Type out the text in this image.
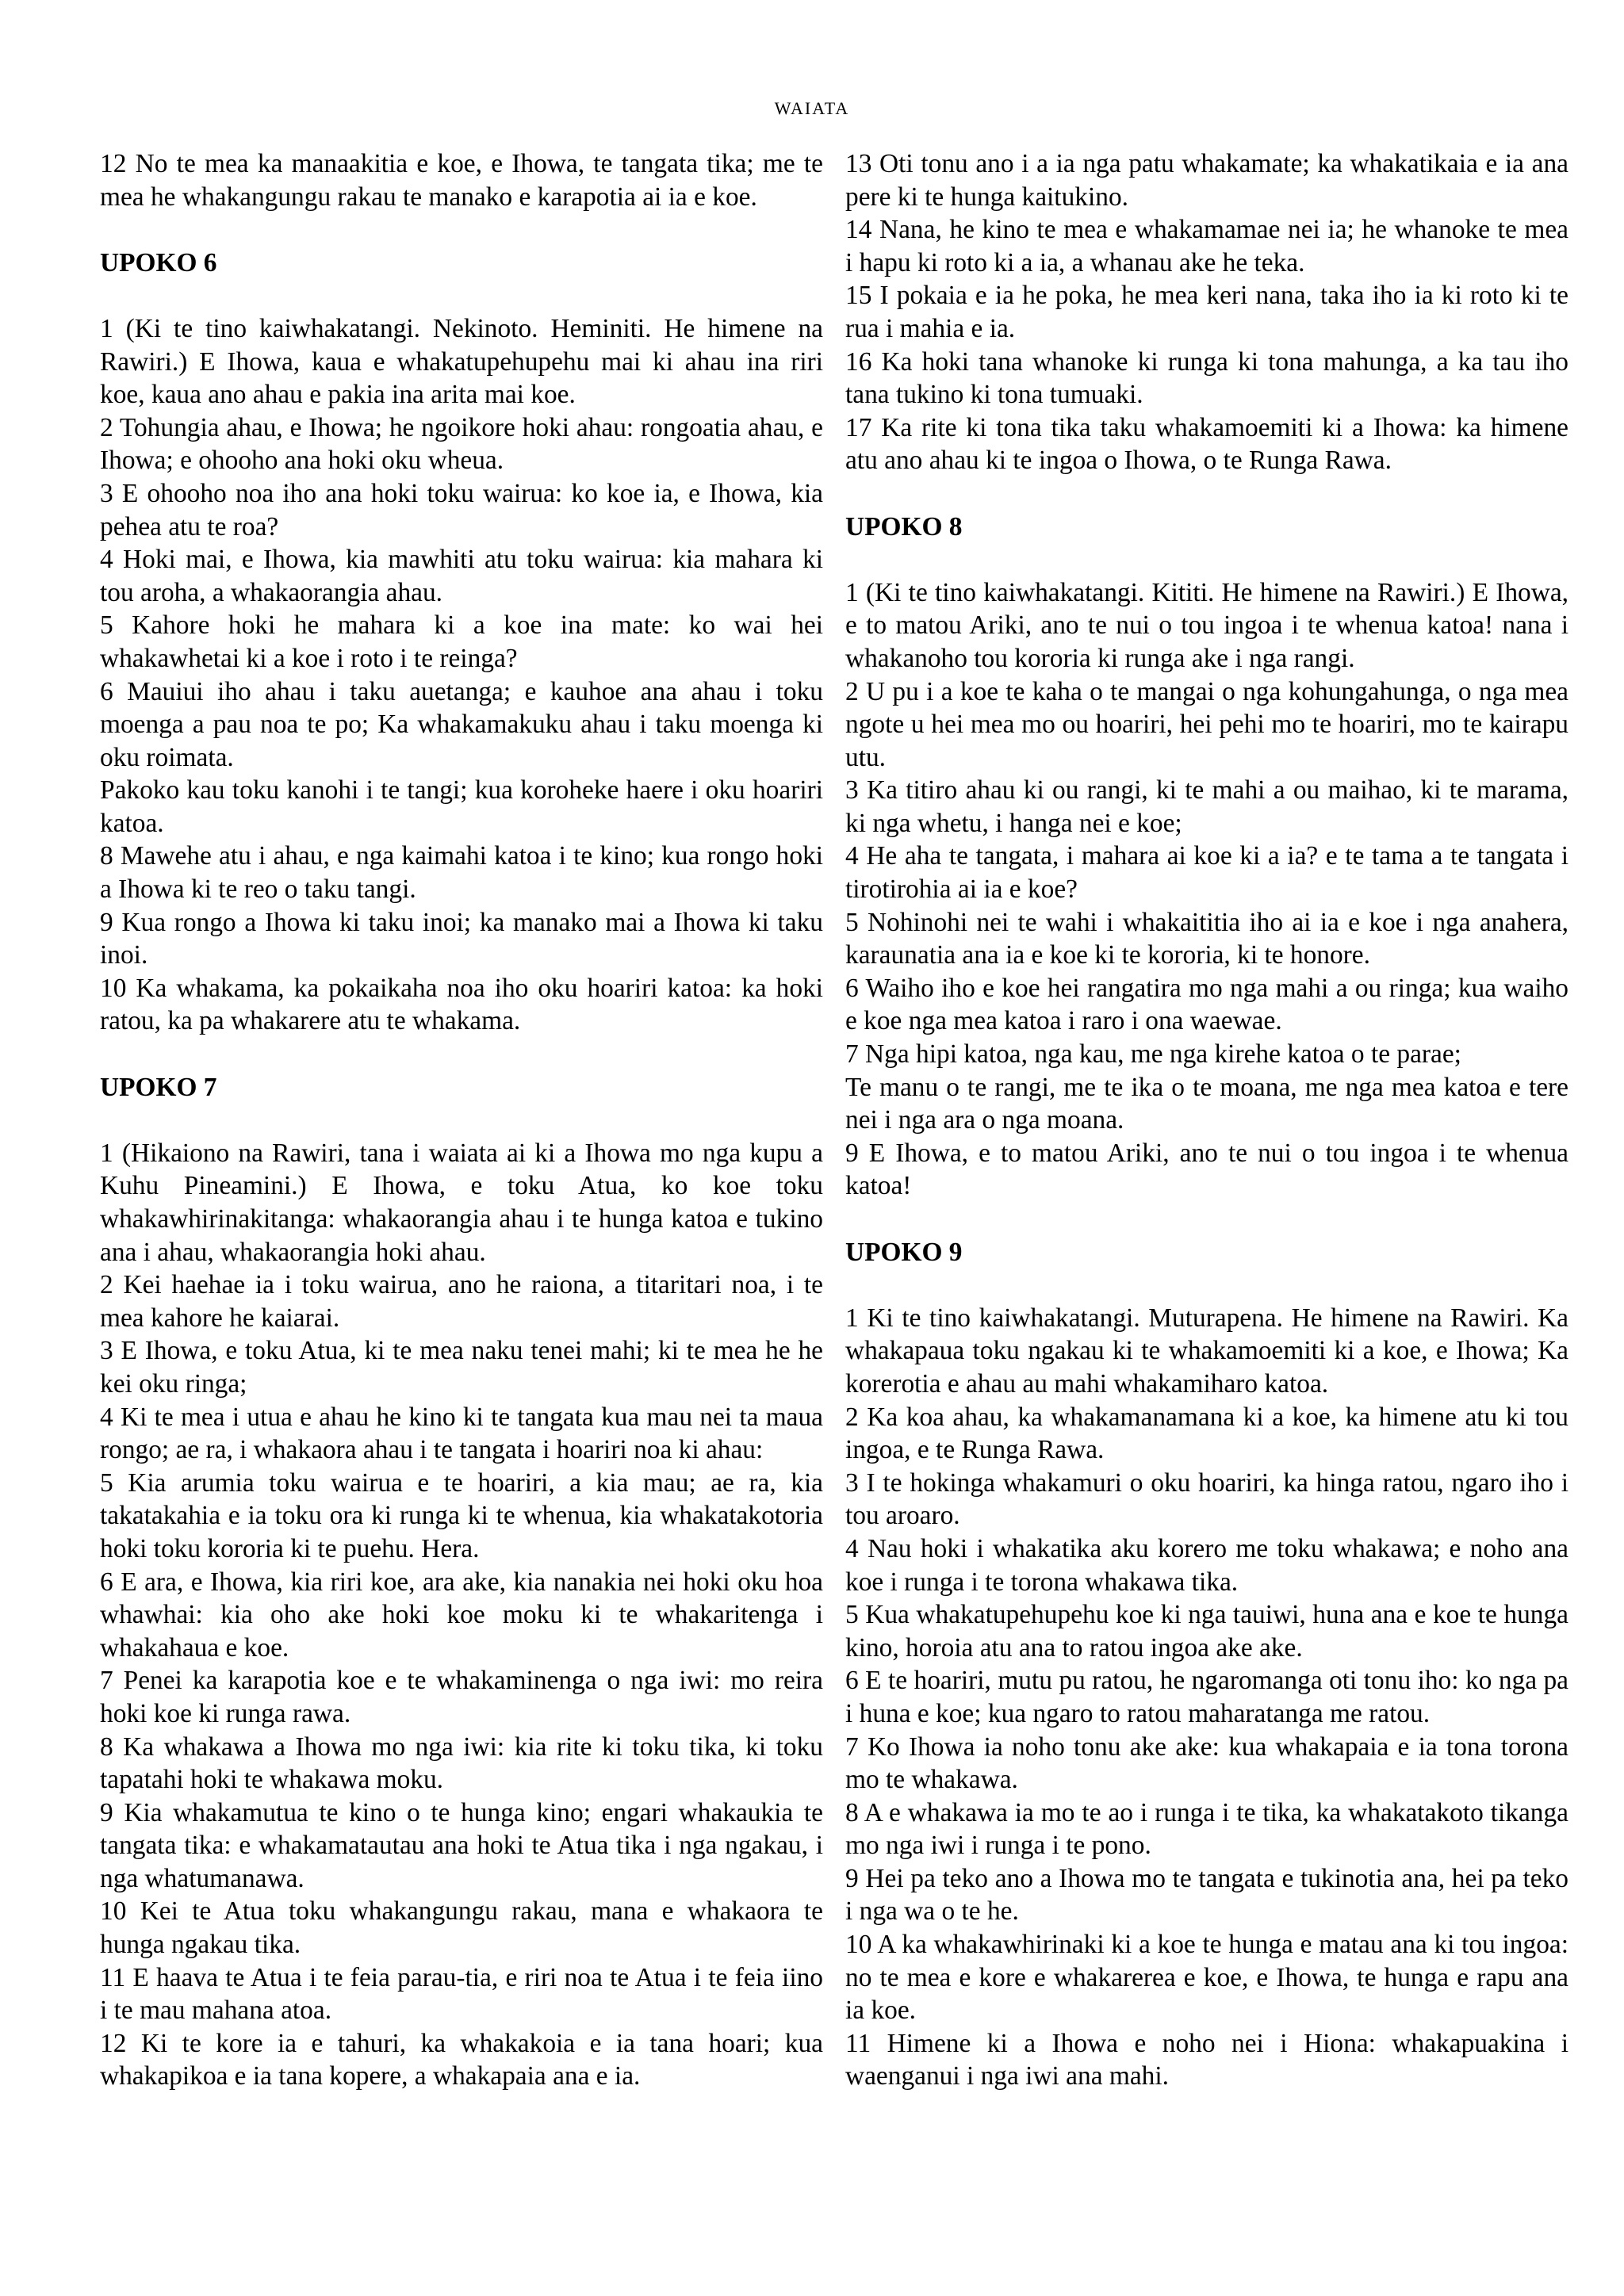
WAIATA

12 No te mea ka manaakitia e koe, e Ihowa, te tangata tika; me te mea he whakangungu rakau te manako e karapotia ai ia e koe.

UPOKO 6

1 (Ki te tino kaiwhakatangi. Nekinoto. Heminiti. He himene na Rawiri.) E Ihowa, kaua e whakatupehupehu mai ki ahau ina riri koe, kaua ano ahau e pakia ina arita mai koe.

2 Tohungia ahau, e Ihowa; he ngoikore hoki ahau: rongoatia ahau, e Ihowa; e ohooho ana hoki oku wheua.

3 E ohooho noa iho ana hoki toku wairua: ko koe ia, e Ihowa, kia pehea atu te roa?

4 Hoki mai, e Ihowa, kia mawhiti atu toku wairua: kia mahara ki tou aroha, a whakaorangia ahau.

5 Kahore hoki he mahara ki a koe ina mate: ko wai hei whakawhetai ki a koe i roto i te reinga?

6 Mauiui iho ahau i taku auetanga; e kauhoe ana ahau i toku moenga a pau noa te po; Ka whakamakuku ahau i taku moenga ki oku roimata.

Pakoko kau toku kanohi i te tangi; kua koroheke haere i oku hoariri katoa.

8 Mawehe atu i ahau, e nga kaimahi katoa i te kino; kua rongo hoki a Ihowa ki te reo o taku tangi.

9 Kua rongo a Ihowa ki taku inoi; ka manako mai a Ihowa ki taku inoi.

10 Ka whakama, ka pokaikaha noa iho oku hoariri katoa: ka hoki ratou, ka pa whakarere atu te whakama.

UPOKO 7

1 (Hikaiono na Rawiri, tana i waiata ai ki a Ihowa mo nga kupu a Kuhu Pineamini.) E Ihowa, e toku Atua, ko koe toku whakawhirinakitanga: whakaorangia ahau i te hunga katoa e tukino ana i ahau, whakaorangia hoki ahau.

2 Kei haehae ia i toku wairua, ano he raiona, a titaritari noa, i te mea kahore he kaiarai.

3 E Ihowa, e toku Atua, ki te mea naku tenei mahi; ki te mea he he kei oku ringa;

4 Ki te mea i utua e ahau he kino ki te tangata kua mau nei ta maua rongo; ae ra, i whakaora ahau i te tangata i hoariri noa ki ahau:

5 Kia arumia toku wairua e te hoariri, a kia mau; ae ra, kia takatakahia e ia toku ora ki runga ki te whenua, kia whakatakotoria hoki toku kororia ki te puehu. Hera.

6 E ara, e Ihowa, kia riri koe, ara ake, kia nanakia nei hoki oku hoa whawhai: kia oho ake hoki koe moku ki te whakaritenga i whakahaua e koe.

7 Penei ka karapotia koe e te whakaminenga o nga iwi: mo reira hoki koe ki runga rawa.

8 Ka whakawa a Ihowa mo nga iwi: kia rite ki toku tika, ki toku tapatahi hoki te whakawa moku.

9 Kia whakamutua te kino o te hunga kino; engari whakaukia te tangata tika: e whakamatautau ana hoki te Atua tika i nga ngakau, i nga whatumanawa.

10 Kei te Atua toku whakangungu rakau, mana e whakaora te hunga ngakau tika.

11 E haava te Atua i te feia parau-tia, e riri noa te Atua i te feia iino i te mau mahana atoa.

12 Ki te kore ia e tahuri, ka whakakoia e ia tana hoari; kua whakapikoa e ia tana kopere, a whakapaia ana e ia.

13 Oti tonu ano i a ia nga patu whakamate; ka whakatikaia e ia ana pere ki te hunga kaitukino.

14 Nana, he kino te mea e whakamamae nei ia; he whanoke te mea i hapu ki roto ki a ia, a whanau ake he teka.

15 I pokaia e ia he poka, he mea keri nana, taka iho ia ki roto ki te rua i mahia e ia.

16 Ka hoki tana whanoke ki runga ki tona mahunga, a ka tau iho tana tukino ki tona tumuaki.

17 Ka rite ki tona tika taku whakamoemiti ki a Ihowa: ka himene atu ano ahau ki te ingoa o Ihowa, o te Runga Rawa.

UPOKO 8

1 (Ki te tino kaiwhakatangi. Kititi. He himene na Rawiri.) E Ihowa, e to matou Ariki, ano te nui o tou ingoa i te whenua katoa! nana i whakanoho tou kororia ki runga ake i nga rangi.

2 U pu i a koe te kaha o te mangai o nga kohungahunga, o nga mea ngote u hei mea mo ou hoariri, hei pehi mo te hoariri, mo te kairapu utu.

3 Ka titiro ahau ki ou rangi, ki te mahi a ou maihao, ki te marama, ki nga whetu, i hanga nei e koe;

4 He aha te tangata, i mahara ai koe ki a ia? e te tama a te tangata i tirotirohia ai ia e koe?

5 Nohinohi nei te wahi i whakaititia iho ai ia e koe i nga anahera, karaunatia ana ia e koe ki te kororia, ki te honore.

6 Waiho iho e koe hei rangatira mo nga mahi a ou ringa; kua waiho e koe nga mea katoa i raro i ona waewae.

7 Nga hipi katoa, nga kau, me nga kirehe katoa o te parae;

Te manu o te rangi, me te ika o te moana, me nga mea katoa e tere nei i nga ara o nga moana.

9 E Ihowa, e to matou Ariki, ano te nui o tou ingoa i te whenua katoa!

UPOKO 9

1 Ki te tino kaiwhakatangi. Muturapena. He himene na Rawiri. Ka whakapaua toku ngakau ki te whakamoemiti ki a koe, e Ihowa; Ka korerotia e ahau au mahi whakamiharo katoa.

2 Ka koa ahau, ka whakamanamana ki a koe, ka himene atu ki tou ingoa, e te Runga Rawa.

3 I te hokinga whakamuri o oku hoariri, ka hinga ratou, ngaro iho i tou aroaro.

4 Nau hoki i whakatika aku korero me toku whakawa; e noho ana koe i runga i te torona whakawa tika.

5 Kua whakatupehupehu koe ki nga tauiwi, huna ana e koe te hunga kino, horoia atu ana to ratou ingoa ake ake.

6 E te hoariri, mutu pu ratou, he ngaromanga oti tonu iho: ko nga pa i huna e koe; kua ngaro to ratou maharatanga me ratou.

7 Ko Ihowa ia noho tonu ake ake: kua whakapaia e ia tona torona mo te whakawa.

8 A e whakawa ia mo te ao i runga i te tika, ka whakatakoto tikanga mo nga iwi i runga i te pono.

9 Hei pa teko ano a Ihowa mo te tangata e tukinotia ana, hei pa teko i nga wa o te he.

10 A ka whakawhirinaki ki a koe te hunga e matau ana ki tou ingoa: no te mea e kore e whakarerea e koe, e Ihowa, te hunga e rapu ana ia koe.

11 Himene ki a Ihowa e noho nei i Hiona: whakapuakina i waenganui i nga iwi ana mahi.
